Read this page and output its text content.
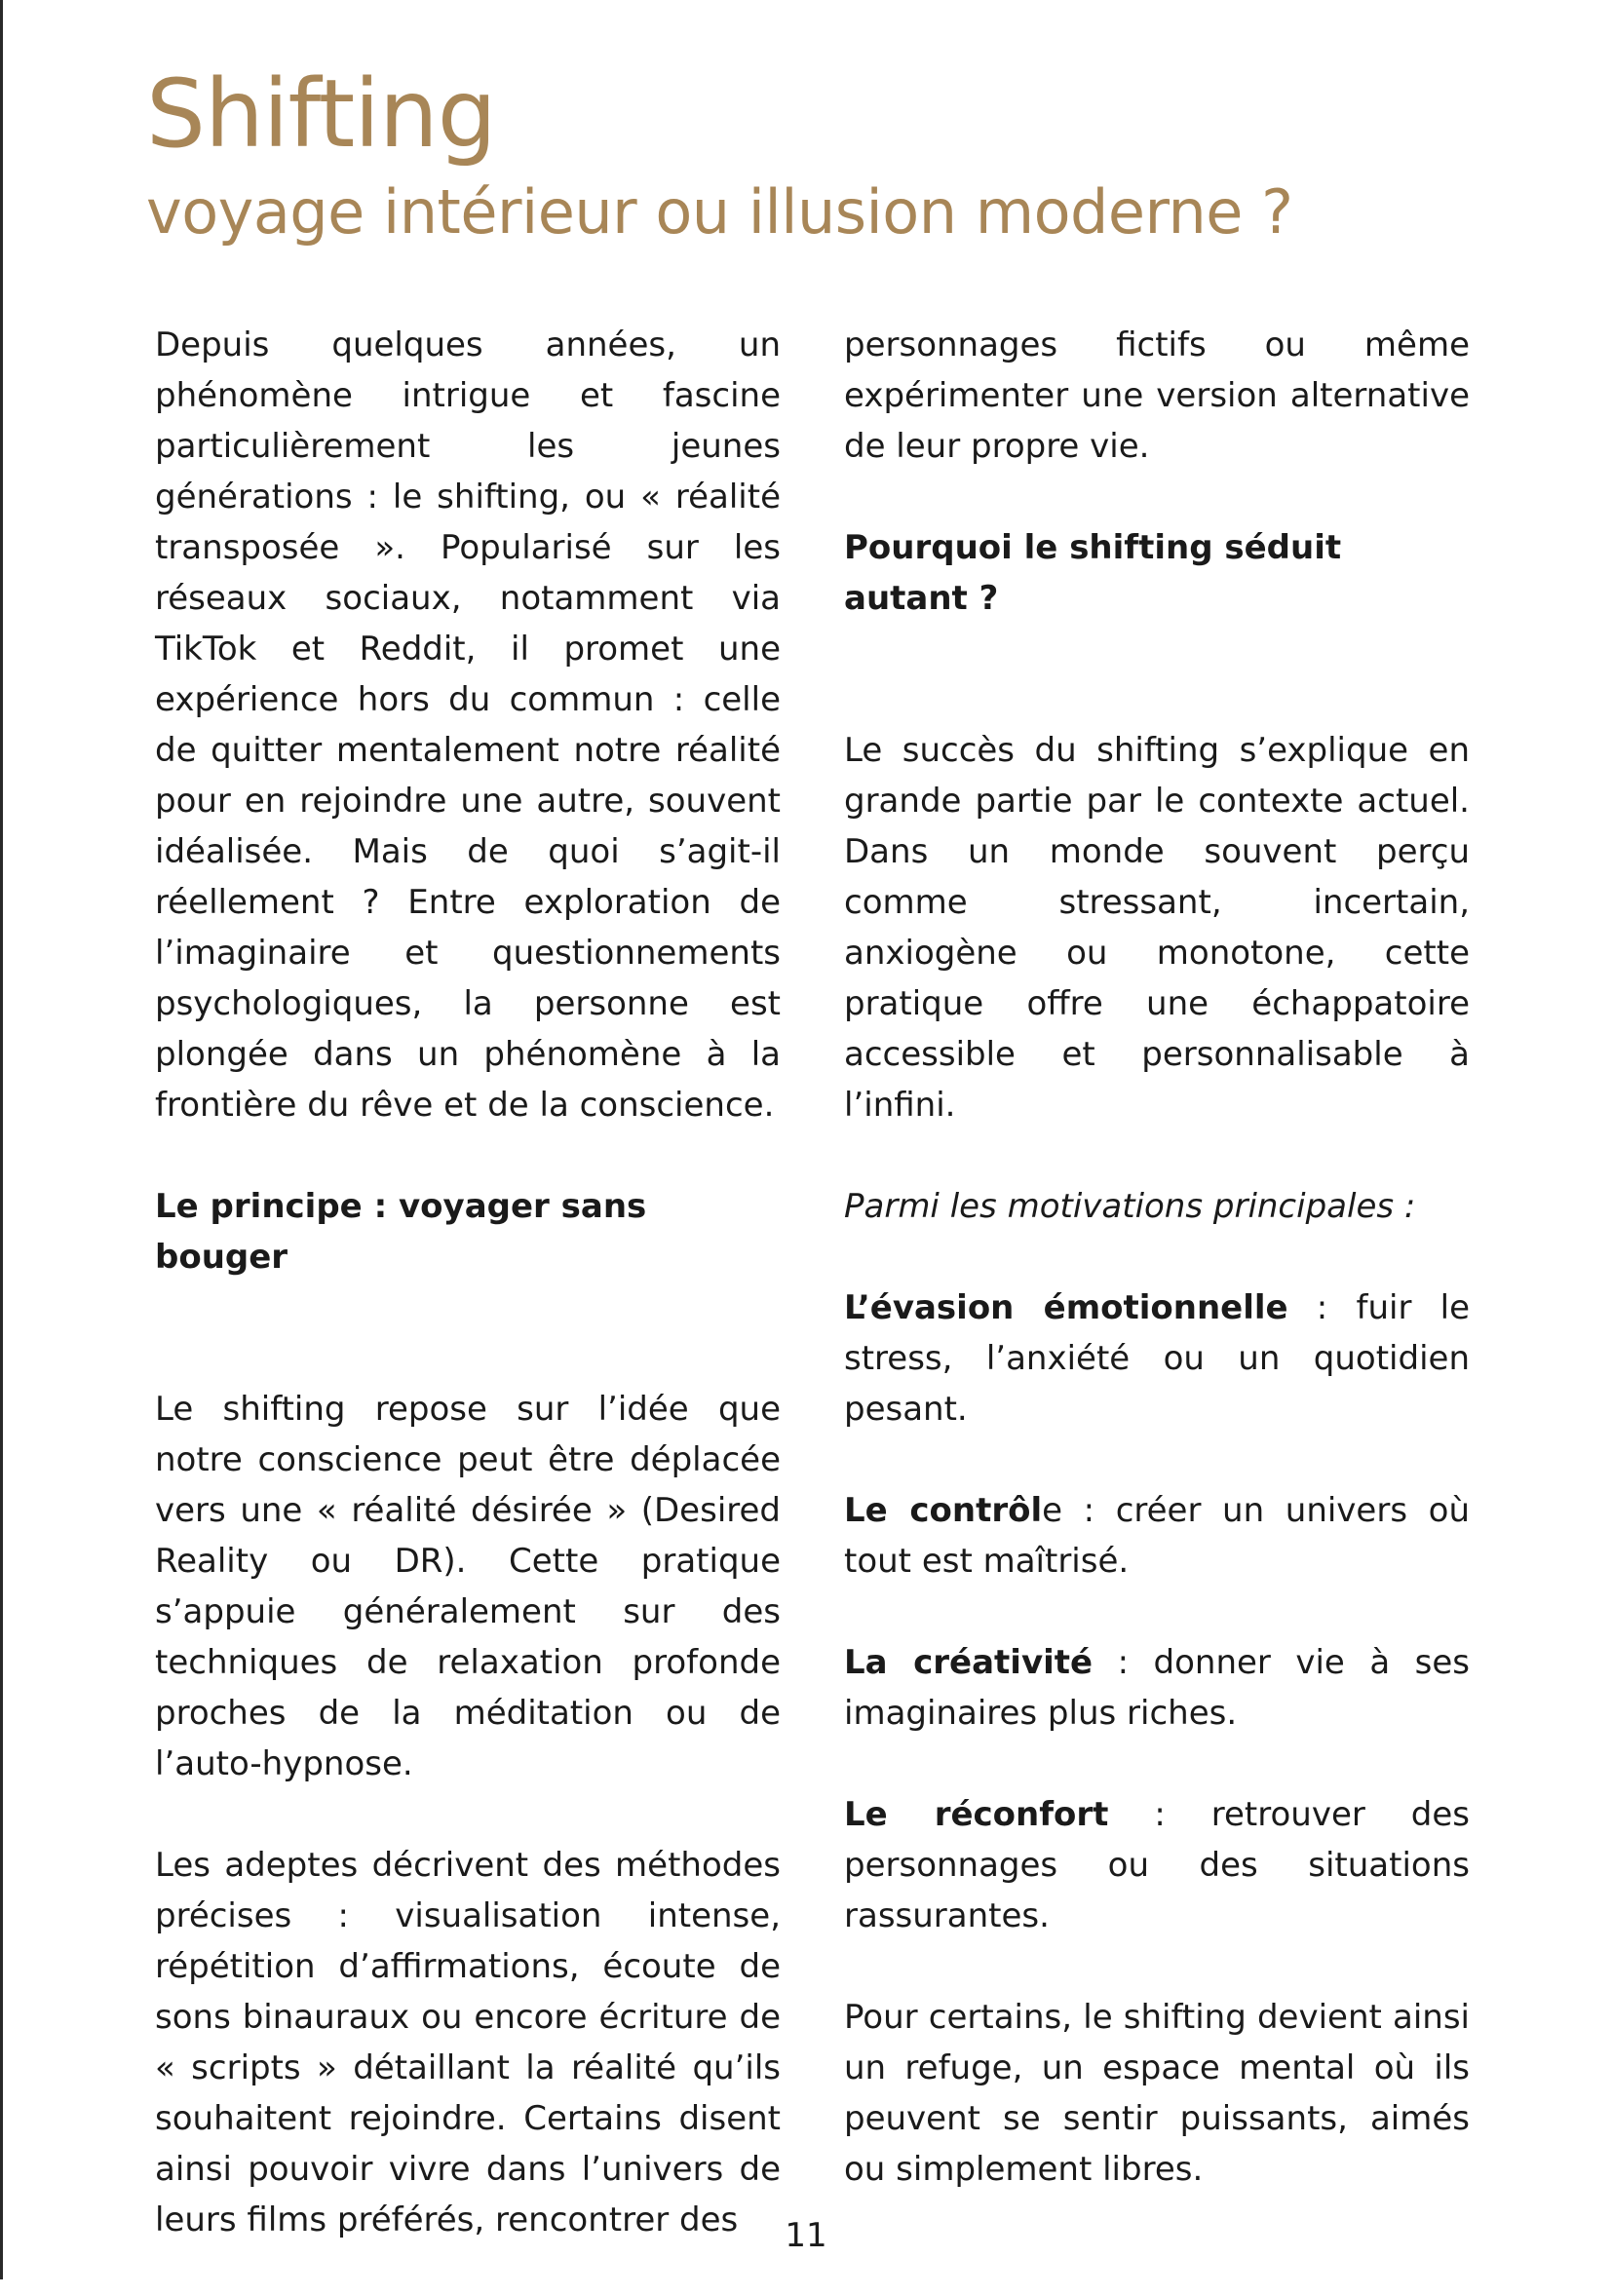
Shifting
voyage intérieur ou illusion moderne ?

Depuis quelques années, un phénomène intrigue et fascine particulièrement les jeunes générations : le shifting, ou « réalité transposée ». Popularisé sur les réseaux sociaux, notamment via TikTok et Reddit, il promet une expérience hors du commun : celle de quitter mentalement notre réalité pour en rejoindre une autre, souvent idéalisée. Mais de quoi s’agit-il réellement ? Entre exploration de l’imaginaire et questionnements psychologiques, la personne est plongée dans un phénomène à la frontière du rêve et de la conscience.

Le principe : voyager sans bouger

Le shifting repose sur l’idée que notre conscience peut être déplacée vers une « réalité désirée » (Desired Reality ou DR). Cette pratique s’appuie généralement sur des techniques de relaxation profonde proches de la méditation ou de l’auto-hypnose.

Les adeptes décrivent des méthodes précises : visualisation intense, répétition d’affirmations, écoute de sons binauraux ou encore écriture de « scripts » détaillant la réalité qu’ils souhaitent rejoindre. Certains disent ainsi pouvoir vivre dans l’univers de leurs films préférés, rencontrer des

personnages fictifs ou même expérimenter une version alternative de leur propre vie.

Pourquoi le shifting séduit autant ?

Le succès du shifting s’explique en grande partie par le contexte actuel. Dans un monde souvent perçu comme stressant, incertain, anxiogène ou monotone, cette pratique offre une échappatoire accessible et personnalisable à l’infini.

Parmi les motivations principales :

L’évasion émotionnelle : fuir le stress, l’anxiété ou un quotidien pesant.

Le contrôle : créer un univers où tout est maîtrisé.

La créativité : donner vie à ses imaginaires plus riches.

Le réconfort : retrouver des personnages ou des situations rassurantes.

Pour certains, le shifting devient ainsi un refuge, un espace mental où ils peuvent se sentir puissants, aimés ou simplement libres.

11
